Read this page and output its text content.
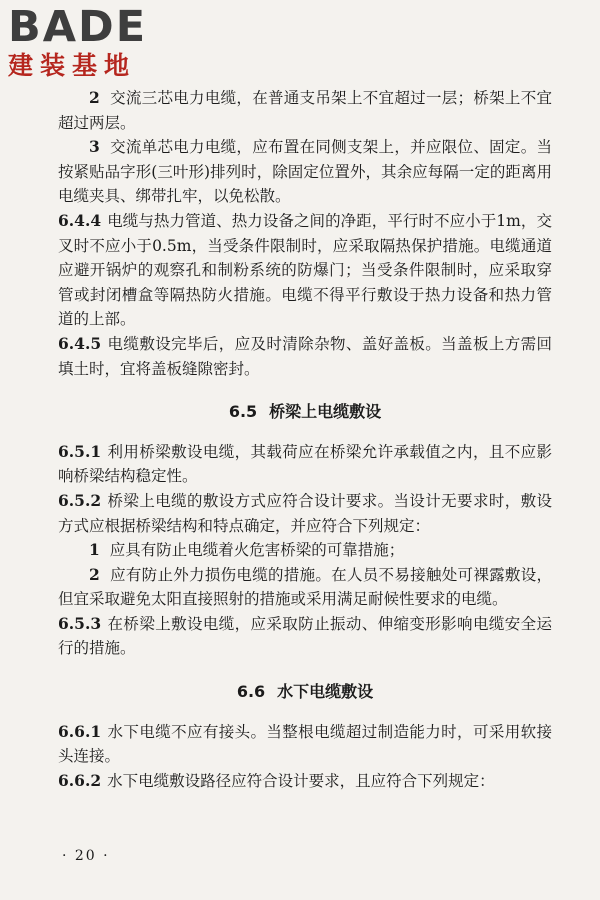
BADE
建装基地

2 交流三芯电力电缆，在普通支吊架上不宜超过一层；桥架上不宜超过两层。

3 交流单芯电力电缆，应布置在同侧支架上，并应限位、固定。当按紧贴品字形(三叶形)排列时，除固定位置外，其余应每隔一定的距离用电缆夹具、绑带扎牢，以免松散。

6.4.4 电缆与热力管道、热力设备之间的净距，平行时不应小于1m，交叉时不应小于0.5m，当受条件限制时，应采取隔热保护措施。电缆通道应避开锅炉的观察孔和制粉系统的防爆门；当受条件限制时，应采取穿管或封闭槽盒等隔热防火措施。电缆不得平行敷设于热力设备和热力管道的上部。

6.4.5 电缆敷设完毕后，应及时清除杂物、盖好盖板。当盖板上方需回填土时，宜将盖板缝隙密封。

6.5 桥梁上电缆敷设

6.5.1 利用桥梁敷设电缆，其载荷应在桥梁允许承载值之内，且不应影响桥梁结构稳定性。

6.5.2 桥梁上电缆的敷设方式应符合设计要求。当设计无要求时，敷设方式应根据桥梁结构和特点确定，并应符合下列规定：

1 应具有防止电缆着火危害桥梁的可靠措施；

2 应有防止外力损伤电缆的措施。在人员不易接触处可裸露敷设，但宜采取避免太阳直接照射的措施或采用满足耐候性要求的电缆。

6.5.3 在桥梁上敷设电缆，应采取防止振动、伸缩变形影响电缆安全运行的措施。

6.6 水下电缆敷设

6.6.1 水下电缆不应有接头。当整根电缆超过制造能力时，可采用软接头连接。

6.6.2 水下电缆敷设路径应符合设计要求，且应符合下列规定：

· 20 ·
